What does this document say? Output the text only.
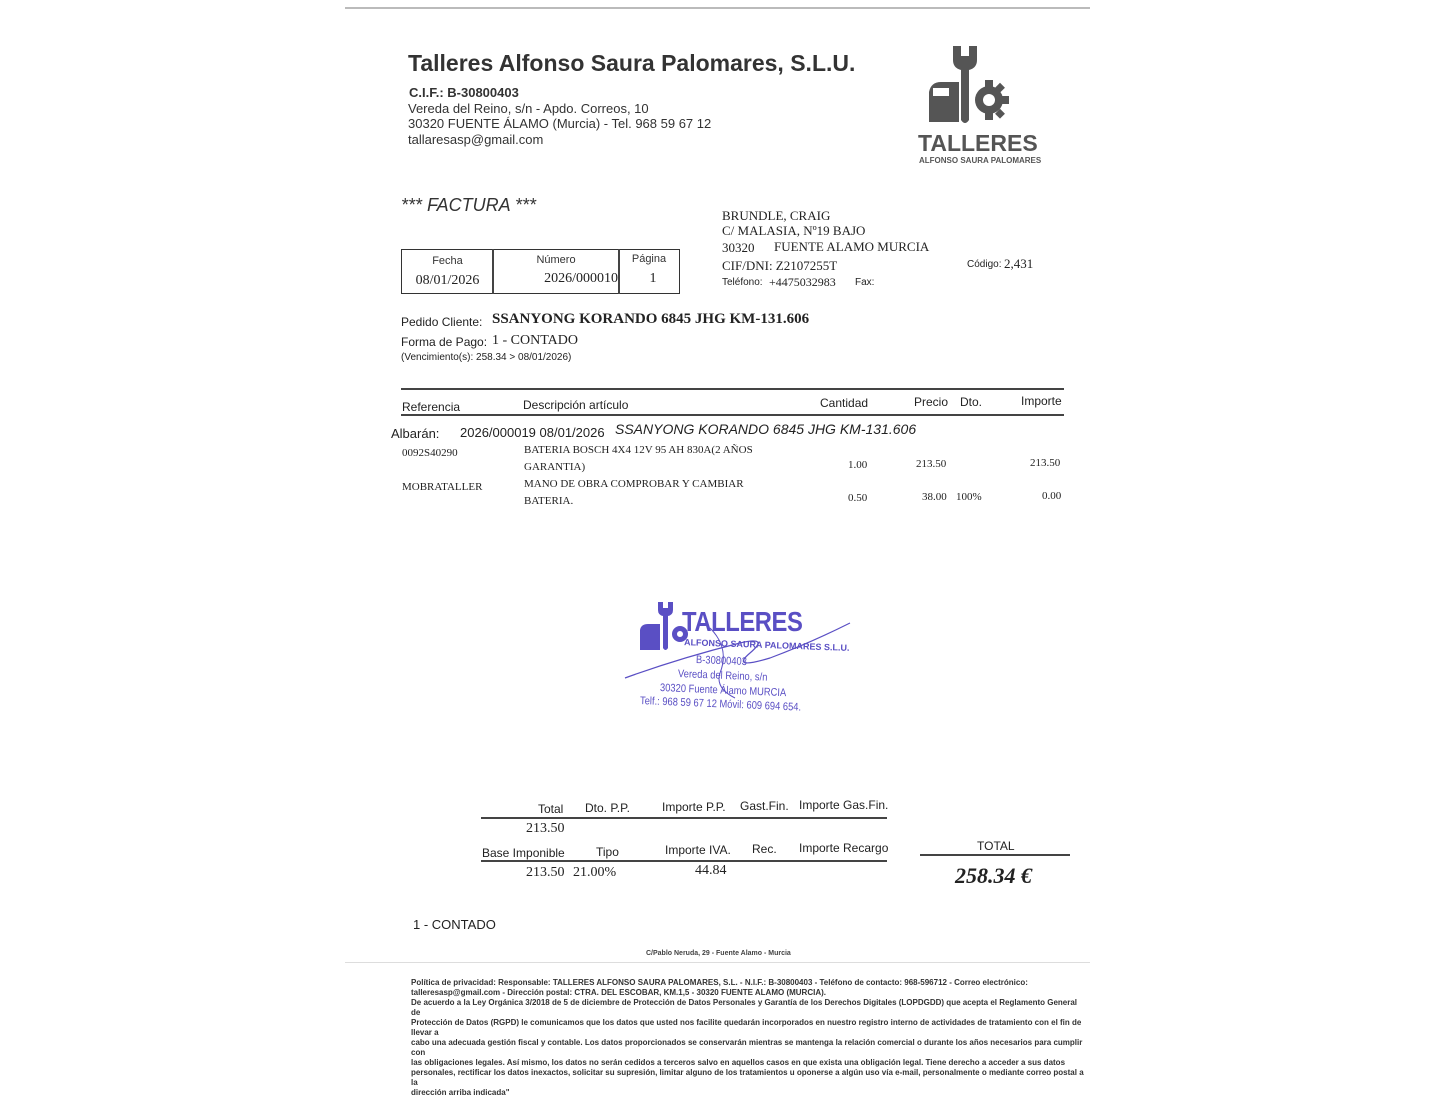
Talleres Alfonso Saura Palomares, S.L.U.
C.I.F.: B-30800403
Vereda del Reino, s/n - Apdo. Correos, 10
30320 FUENTE ÁLAMO (Murcia) - Tel. 968 59 67 12
tallaresasp@gmail.com	TALLERES
ALFONSO SAURA PALOMARES
*** FACTURA ***
Fecha	Número	Página
08/01/2026	2026/000010	1
BRUNDLE, CRAIG
C/ MALASIA, Nº19 BAJO
30320 FUENTE ALAMO MURCIA
CIF/DNI: Z2107255T
Teléfono: +4475032983 Fax:
Código: 2,431
Pedido Cliente: SSANYONG KORANDO 6845 JHG KM-131.606
Forma de Pago: 1 - CONTADO
(Vencimiento(s): 258.34 > 08/01/2026)
Referencia	Descripción artículo	Cantidad	Precio Dto.	Importe
Albarán: 2026/000019 08/01/2026 SSANYONG KORANDO 6845 JHG KM-131.606
0092S40290	BATERIA BOSCH 4X4 12V 95 AH 830A(2 AÑOS
GARANTIA)	1.00	213.50	213.50
MOBRATALLER	MANO DE OBRA COMPROBAR Y CAMBIAR
BATERIA.	0.50	38.00 100%	0.00
TALLERES
ALFONSO SAURA PALOMARES S.L.U.
B-30800403
Vereda del Reino, s/n
30320 Fuente Álamo MURCIA
Telf.: 968 59 67 12 Móvil: 609 694 654.
Total Dto. P.P.	Importe P.P. Gast.Fin. Importe Gas.Fin.
213.50
Base Imponible	Tipo	Importe IVA. Rec. Importe Recargo
213.50 21.00%	44.84
TOTAL
258.34 €
1 - CONTADO
C/Pablo Neruda, 29 - Fuente Alamo - Murcia
Política de privacidad: Responsable: TALLERES ALFONSO SAURA PALOMARES, S.L. - N.I.F.: B-30800403 - Teléfono de contacto: 968-596712 - Correo electrónico:
talleresasp@gmail.com - Dirección postal: CTRA. DEL ESCOBAR, KM.1,5 - 30320 FUENTE ALAMO (MURCIA).
De acuerdo a la Ley Orgánica 3/2018 de 5 de diciembre de Protección de Datos Personales y Garantía de los Derechos Digitales (LOPDGDD) que acepta el Reglamento General de
Protección de Datos (RGPD) le comunicamos que los datos que usted nos facilite quedarán incorporados en nuestro registro interno de actividades de tratamiento con el fin de llevar a
cabo una adecuada gestión fiscal y contable. Los datos proporcionados se conservarán mientras se mantenga la relación comercial o durante los años necesarios para cumplir con
las obligaciones legales. Así mismo, los datos no serán cedidos a terceros salvo en aquellos casos en que exista una obligación legal. Tiene derecho a acceder a sus datos
personales, rectificar los datos inexactos, solicitar su supresión, limitar alguno de los tratamientos u oponerse a algún uso vía e-mail, personalmente o mediante correo postal a la
dirección arriba indicada"
